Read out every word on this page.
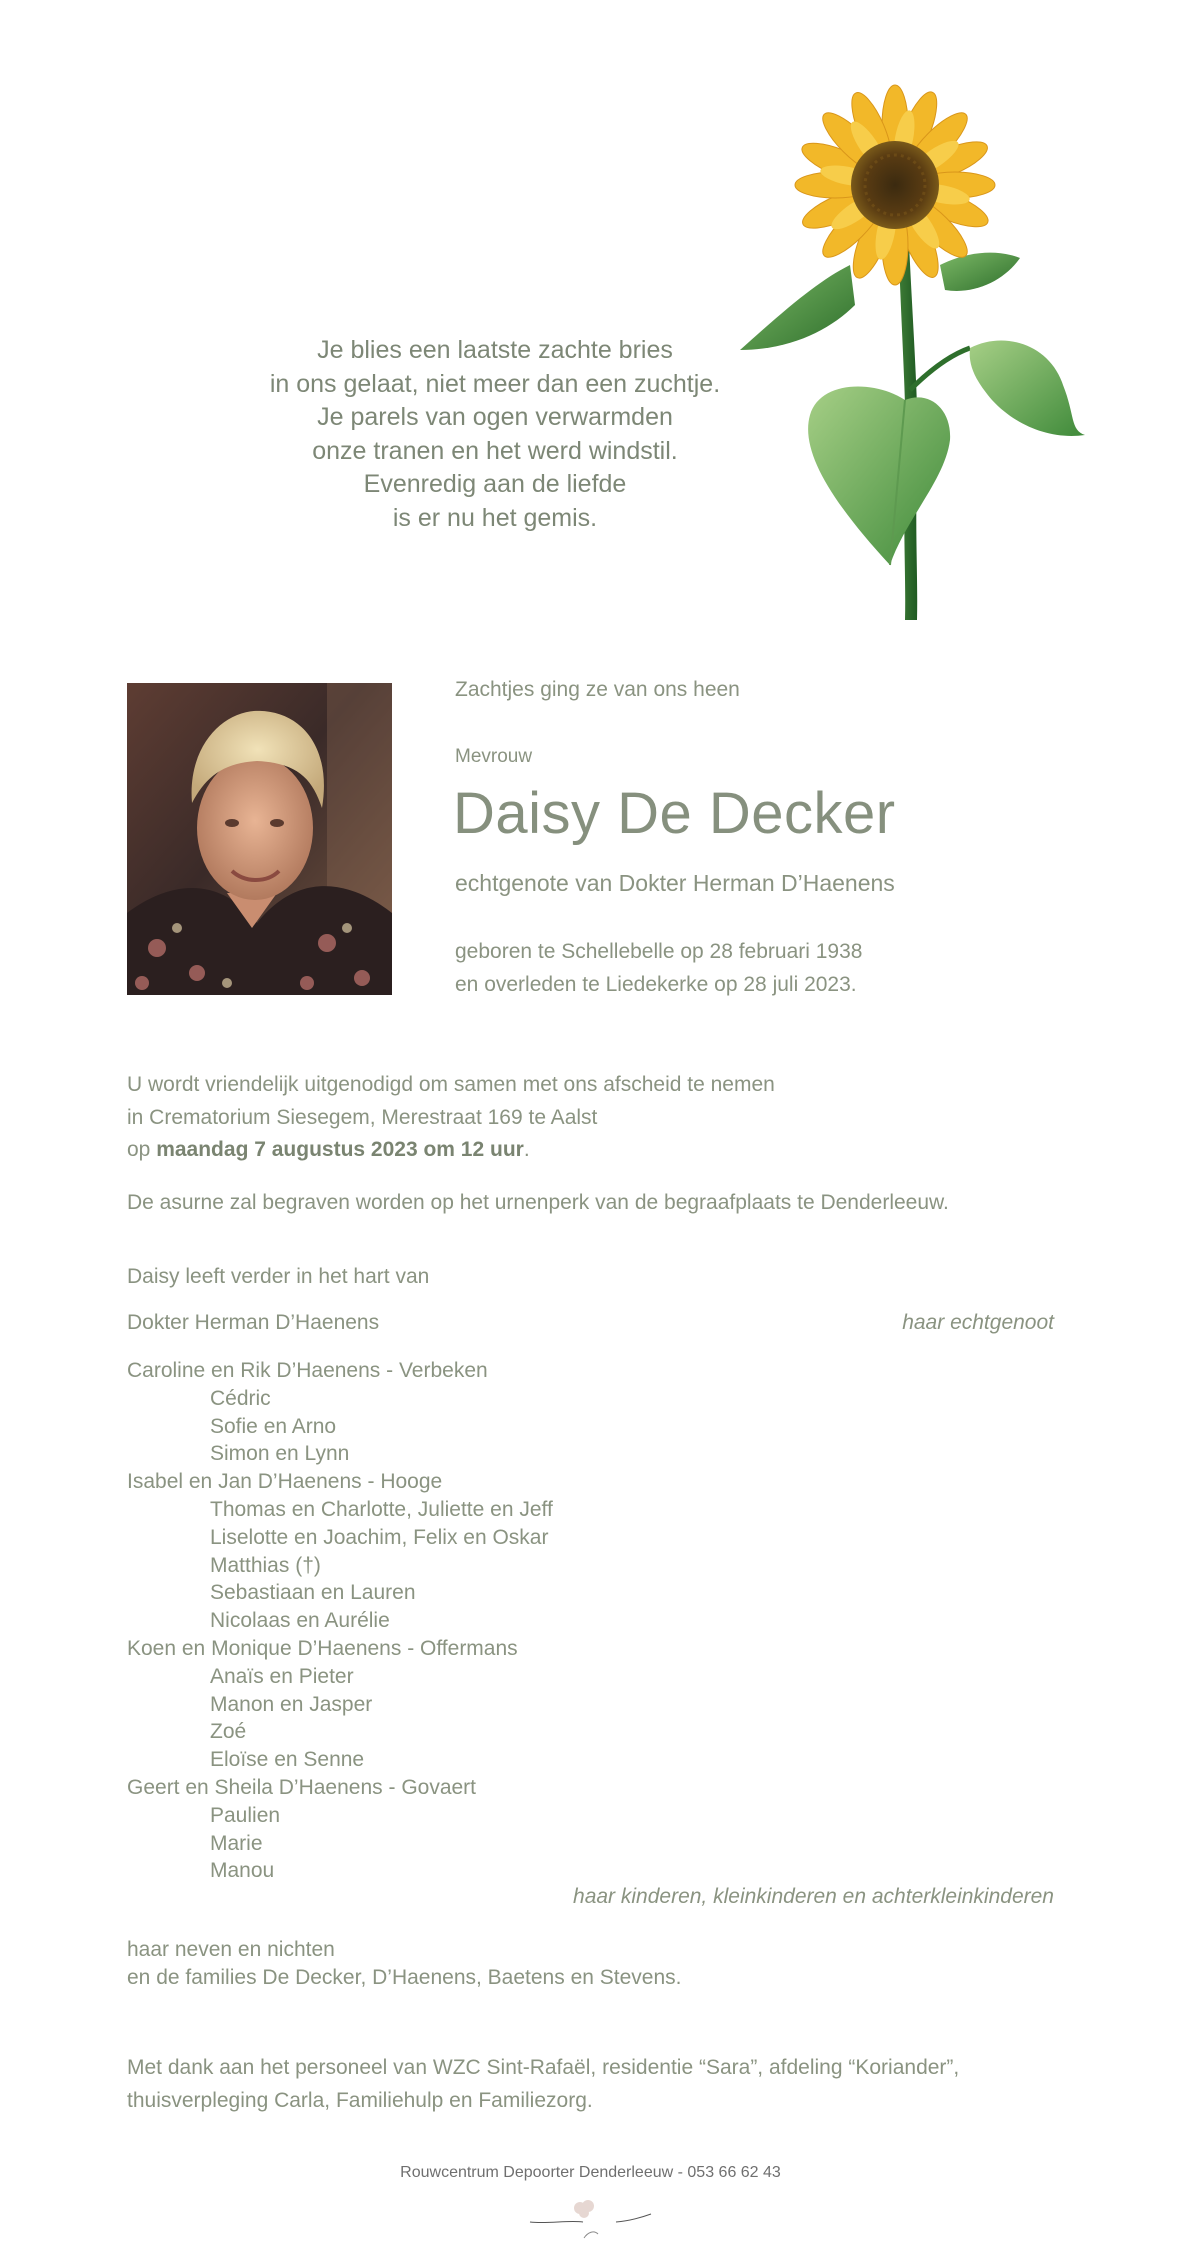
Je blies een laatste zachte bries
in ons gelaat, niet meer dan een zuchtje.
Je parels van ogen verwarmden
onze tranen en het werd windstil.
Evenredig aan de liefde
is er nu het gemis.
Zachtjes ging ze van ons heen
Mevrouw
Daisy De Decker
echtgenote van Dokter Herman D’Haenens
geboren te Schellebelle op 28 februari 1938
en overleden te Liedekerke op 28 juli 2023.
U wordt vriendelijk uitgenodigd om samen met ons afscheid te nemen
in Crematorium Siesegem, Merestraat 169 te Aalst
op maandag 7 augustus 2023 om 12 uur.
De asurne zal begraven worden op het urnenperk van de begraafplaats te Denderleeuw.
Daisy leeft verder in het hart van
Dokter Herman D’Haenens	haar echtgenoot
Caroline en Rik D’Haenens - Verbeken
Cédric
Sofie en Arno
Simon en Lynn
Isabel en Jan D’Haenens - Hooge
Thomas en Charlotte, Juliette en Jeff
Liselotte en Joachim, Felix en Oskar
Matthias (†)
Sebastiaan en Lauren
Nicolaas en Aurélie
Koen en Monique D’Haenens - Offermans
Anaïs en Pieter
Manon en Jasper
Zoé
Eloïse en Senne
Geert en Sheila D’Haenens - Govaert
Paulien
Marie
Manou
haar kinderen, kleinkinderen en achterkleinkinderen
haar neven en nichten
en de families De Decker, D’Haenens, Baetens en Stevens.
Met dank aan het personeel van WZC Sint-Rafaël, residentie “Sara”, afdeling “Koriander”,
thuisverpleging Carla, Familiehulp en Familiezorg.
Rouwcentrum Depoorter Denderleeuw - 053 66 62 43
